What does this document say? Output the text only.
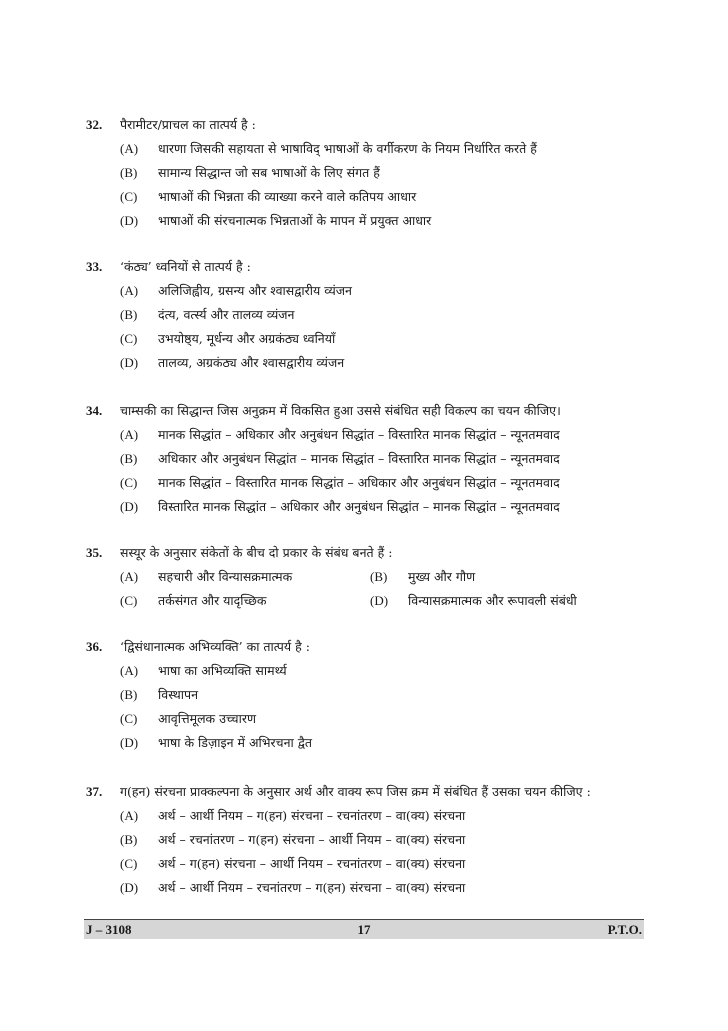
32.	पैरामीटर/प्राचल का तात्पर्य है :
(A)	धारणा जिसकी सहायता से भाषाविद् भाषाओं के वर्गीकरण के नियम निर्धारित करते हैं
(B)	सामान्य सिद्धान्त जो सब भाषाओं के लिए संगत हैं
(C)	भाषाओं की भिन्नता की व्याख्या करने वाले कतिपय आधार
(D)	भाषाओं की संरचनात्मक भिन्नताओं के मापन में प्रयुक्त आधार
33.	‘कंठ्य’ ध्वनियों से तात्पर्य है :
(A)	अलिजिह्वीय, ग्रसन्य और श्वासद्वारीय व्यंजन
(B)	दंत्य, वर्त्स्य और तालव्य व्यंजन
(C)	उभयोष्ठ्य, मूर्धन्य और अग्रकंठ्य ध्वनियाँ
(D)	तालव्य, अग्रकंठ्य और श्वासद्वारीय व्यंजन
34.	चाम्सकी का सिद्धान्त जिस अनुक्रम में विकसित हुआ उससे संबंधित सही विकल्प का चयन कीजिए।
(A)	मानक सिद्धांत – अधिकार और अनुबंधन सिद्धांत – विस्तारित मानक सिद्धांत – न्यूनतमवाद
(B)	अधिकार और अनुबंधन सिद्धांत – मानक सिद्धांत – विस्तारित मानक सिद्धांत – न्यूनतमवाद
(C)	मानक सिद्धांत – विस्तारित मानक सिद्धांत – अधिकार और अनुबंधन सिद्धांत – न्यूनतमवाद
(D)	विस्तारित मानक सिद्धांत – अधिकार और अनुबंधन सिद्धांत – मानक सिद्धांत – न्यूनतमवाद
35.	सस्यूर के अनुसार संकेतों के बीच दो प्रकार के संबंध बनते हैं :
(A)	सहचारी और विन्यासक्रमात्मक	(B)	मुख्य और गौण
(C)	तर्कसंगत और यादृच्छिक	(D)	विन्यासक्रमात्मक और रूपावली संबंधी
36.	‘द्विसंधानात्मक अभिव्यक्ति’ का तात्पर्य है :
(A)	भाषा का अभिव्यक्ति सामर्थ्य
(B)	विस्थापन
(C)	आवृत्तिमूलक उच्चारण
(D)	भाषा के डिज़ाइन में अभिरचना द्वैत
37.	ग(हन) संरचना प्राक्कल्पना के अनुसार अर्थ और वाक्य रूप जिस क्रम में संबंधित हैं उसका चयन कीजिए :
(A)	अर्थ – आर्थी नियम – ग(हन) संरचना – रचनांतरण – वा(क्य) संरचना
(B)	अर्थ – रचनांतरण – ग(हन) संरचना – आर्थी नियम – वा(क्य) संरचना
(C)	अर्थ – ग(हन) संरचना – आर्थी नियम – रचनांतरण – वा(क्य) संरचना
(D)	अर्थ – आर्थी नियम – रचनांतरण – ग(हन) संरचना – वा(क्य) संरचना
J – 3108	17	P.T.O.
